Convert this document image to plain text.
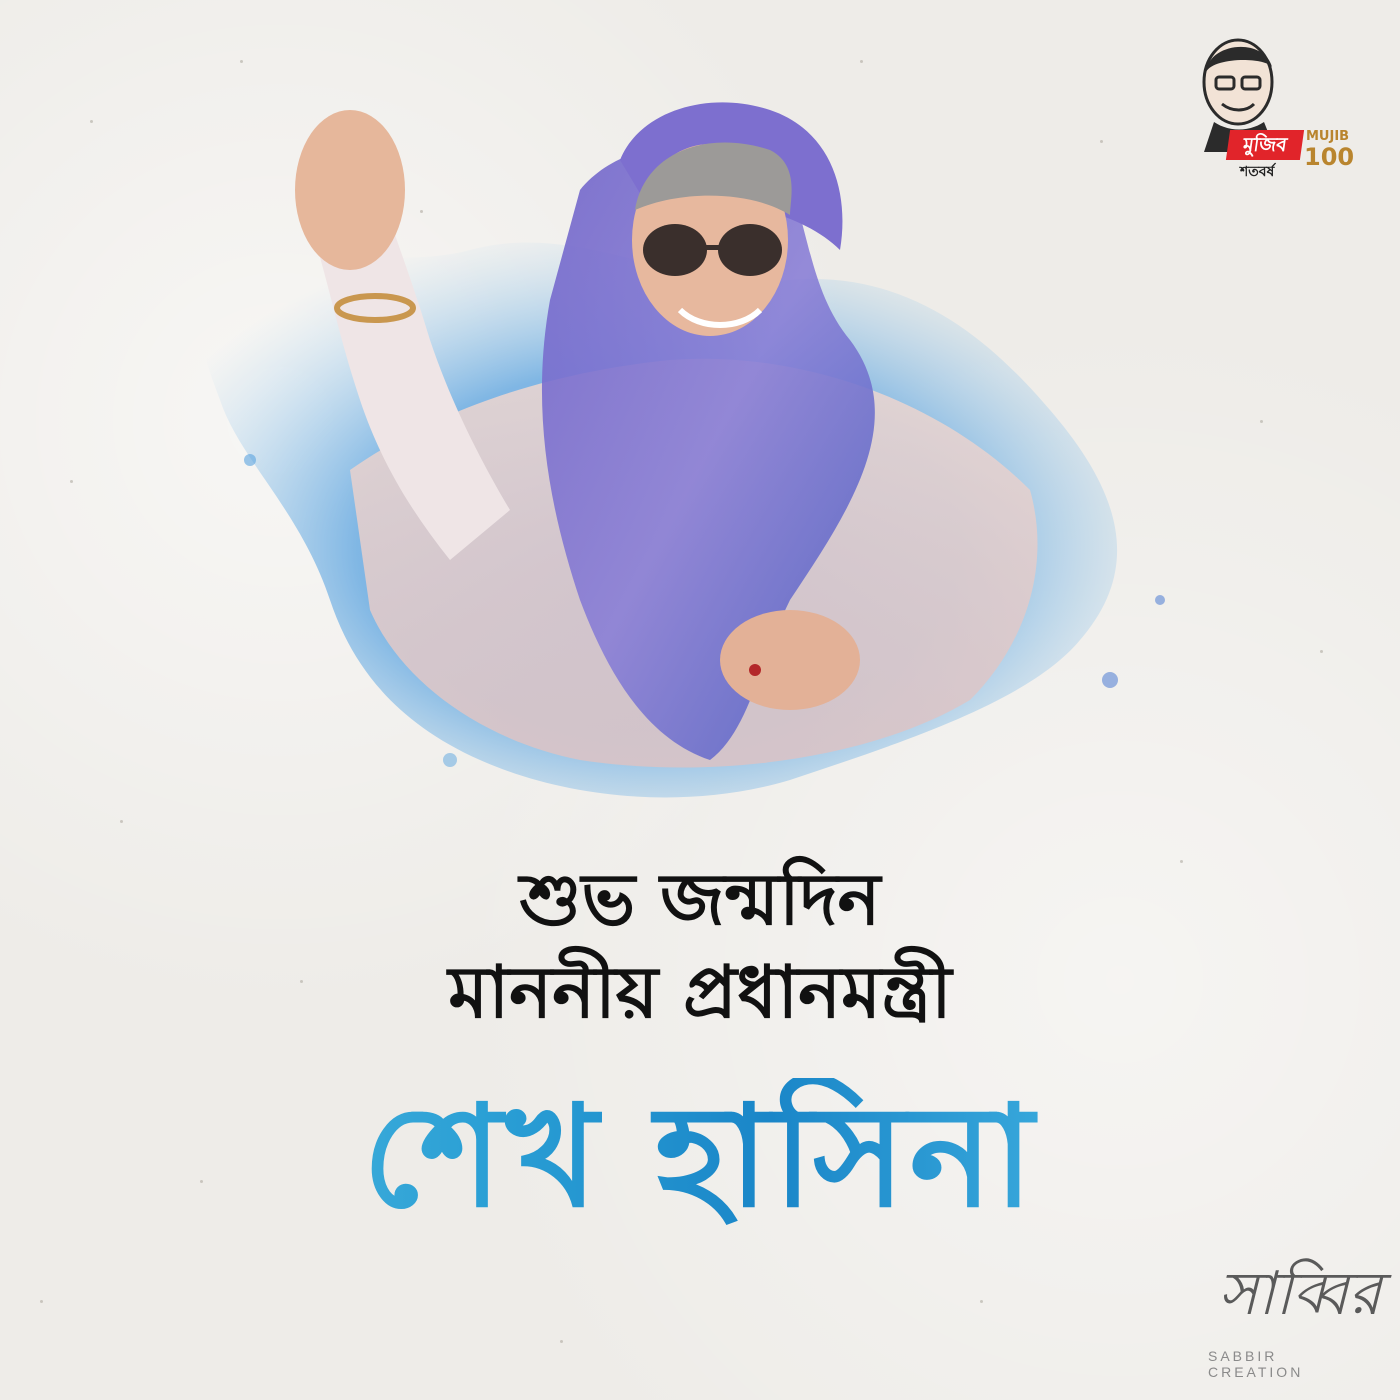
মুজিব
শতবর্ষ
MUJIB
100
শুভ জন্মদিন
মাননীয় প্রধানমন্ত্রী
শেখ হাসিনা
সাব্বির
SABBIR CREATION
